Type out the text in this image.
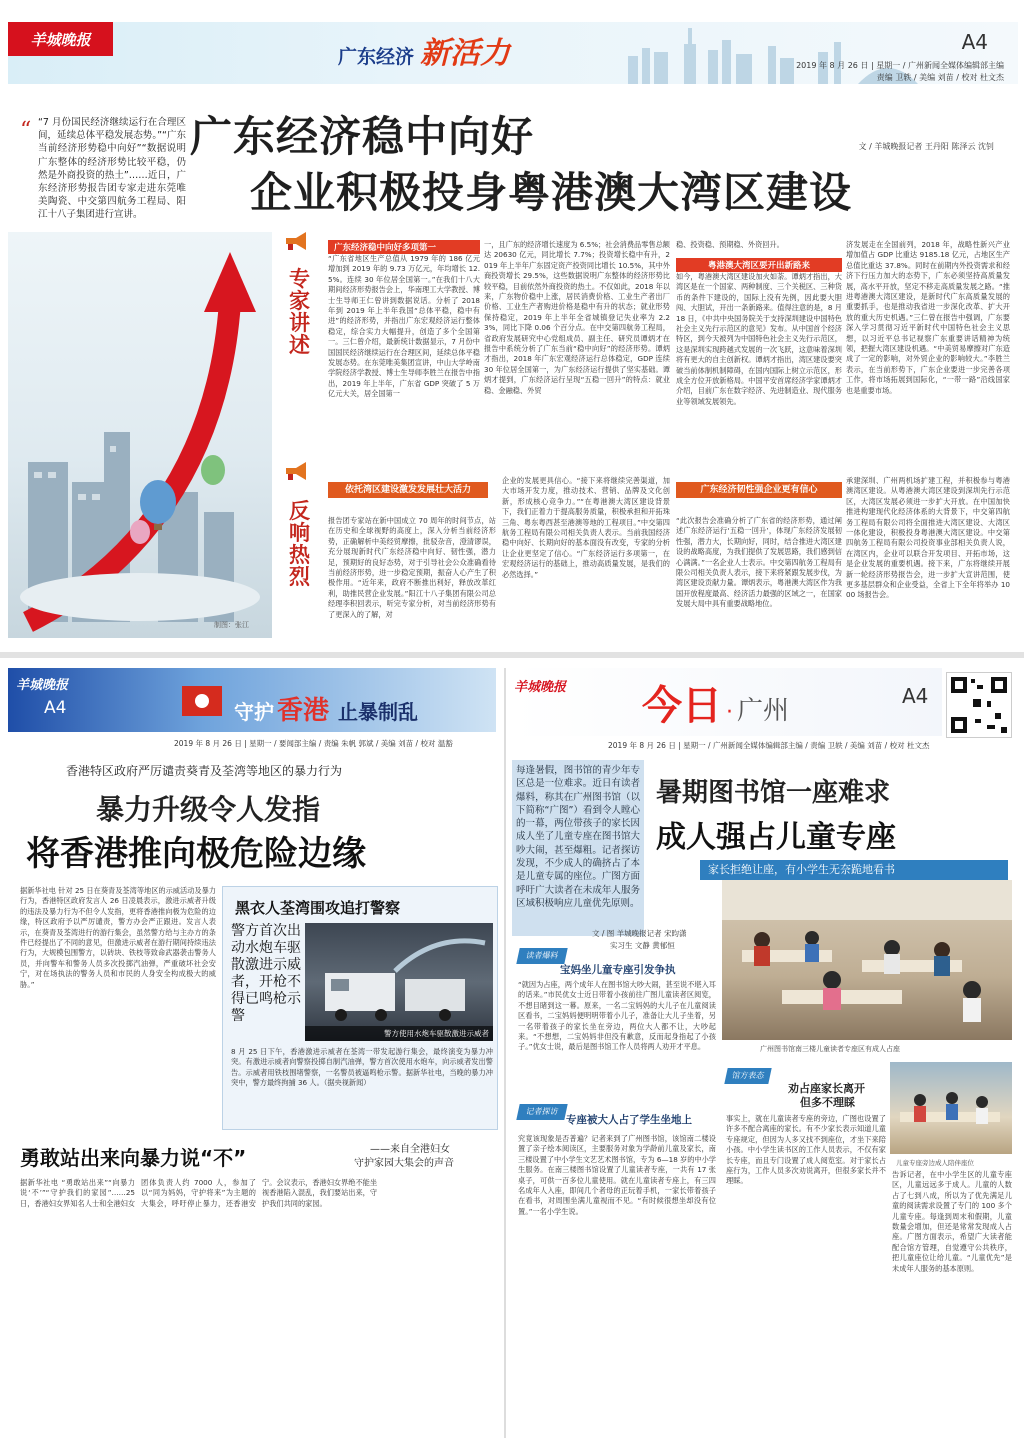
羊城晚报
广东经济 新活力	A4
2019 年 8 月 26 日 | 星期一 / 广州新闻全媒体编辑部主编
责编 卫轶 / 美编 刘苗 / 校对 杜文杰
“ “7 月份国民经济继续运行在合理区间，延续总体平稳发展态势。”“广东当前经济形势稳中向好”“数据说明广东整体的经济形势比较平稳，仍然是外商投资的热土”……近日，广东经济形势报告团专家走进东莞唯美陶瓷、中交第四航务工程局、阳江十八子集团进行宣讲。
广东经济稳中向好
企业积极投身粤港澳大湾区建设
文 / 羊城晚报记者 王丹阳 陈泽云 沈钊
制图：张江
专家讲述
反响热烈
广东经济稳中向好多项第一
“广东省地区生产总值从 1979 年的 186 亿元增加到 2019 年的 9.73 万亿元，年均增长 12.5%。连续 30 年位居全国第一。”在我们十八大期间经济形势报告会上，华南理工大学教授、博士生导师王仁曾讲到数据说话。分析了 2018 年到 2019 年上半年我国“总体平稳，稳中有进”的经济形势，并指出广东宏观经济运行整体稳定，综合实力大幅提升，创造了多个全国第一。三仁曾介绍，最新统计数据显示，7 月份中国国民经济继续运行在合理区间，延续总体平稳发展态势。在东莞唯美集团宣讲，中山大学岭南学院经济学教授、博士生导师李胜兰在报告中指出，2019 年上半年，广东省 GDP 突破了 5 万亿元大关，居全国第一
一，且广东的经济增长速度为 6.5%；社会消费品零售总额达 20630 亿元，同比增长 7.7%；投资增长稳中有升，2019 年上半年广东固定资产投资同比增长 10.5%，其中外商投资增长 29.5%，这些数据说明广东整体的经济形势比较平稳，目前依然外商投资的热土。不仅如此，2018 年以来，广东物价稳中上涨，居民消费价格、工业生产者出厂价格、工业生产者购进价格是稳中有升的状态；就业形势保持稳定，2019 年上半年全省城镇登记失业率为 2.23%，同比下降 0.06 个百分点。在中交第四航务工程局，省政府发展研究中心党组成员、副主任、研究员谭炳才在报告中系统分析了广东当前“稳中向好”的经济形势。谭炳才指出，2018 年广东宏观经济运行总体稳定，GDP 连续 30 年位居全国第一，为广东经济运行提供了坚实基础。谭炳才提到，广东经济运行呈现“五稳一回升”的特点：就业稳、金融稳、外贸
稳、投资稳、预期稳、外资回升。
粤港澳大湾区要开出新路来
如今，粤港澳大湾区建设加火如荼。谭炳才指出，大湾区是在一个国家、两种制度、三个关税区、三种货币的条件下建设的，国际上没有先例，因此要大胆闯、大胆试，开出一条新路来。值得注意的是，8 月 18 日，《中共中央国务院关于支持深圳建设中国特色社会主义先行示范区的意见》发布。从中国首个经济特区，到今天被列为中国特色社会主义先行示范区，这是深圳实现跨越式发展的一次飞跃，这意味着深圳将有更大的自主创新权。谭炳才指出，湾区建设要突破当前体制机制障碍，在国内国际上树立示范区，形成全方位开放新格局。中国平安首席经济学家谭炳才介绍，目前广东在数字经济、先进制造业、现代服务业等领域发展领先。
济发展走在全国前列，2018 年，战略性新兴产业增加值占 GDP 比重达 9185.18 亿元，占地区生产总值比重达 37.8%。同时在前期内外投资需求和经济下行压力加大的态势下，广东必须坚持高质量发展，高水平开放，坚定不移走高质量发展之路。“推进粤港澳大湾区建设，是新时代广东高质量发展的重要抓手，也是推动我省进一步深化改革、扩大开放的重大历史机遇。”三仁曾在报告中强调，广东要深入学习贯彻习近平新时代中国特色社会主义思想，以习近平总书记视察广东重要讲话精神为统领，把握大湾区建设机遇。“中美贸易摩擦对广东造成了一定的影响，对外贸企业的影响较大。”李胜兰表示，在当前形势下，广东企业要进一步完善各项工作，将市场拓展到国际化，“一带一路”沿线国家也是重要市场。
依托湾区建设激发发展壮大活力
报告团专家站在新中国成立 70 周年的时间节点，站在历史和全球视野的高度上，深入分析当前经济形势，正确解析中美经贸摩擦，批驳杂音，澄清谬误，充分展现新时代广东经济稳中向好、韧性强，潜力足，预期好的良好态势，对于引导社会公众准确看待当前经济形势，进一步稳定预期，振奋人心产生了积极作用。“近年来，政府不断推出利好，释放改革红利，助推民营企业发展。”阳江十八子集团有限公司总经理李积回表示，听完专家分析，对当前经济形势有了更深入的了解，对
企业的发展更具信心。“接下来将继续完善渠道，加大市场开发力度，推动技术、营销、品牌及文化创新，形成核心竞争力。”“在粤港澳大湾区建设背景下，我们正着力于提高服务质量，积极承担和开拓珠三角、粤东粤西甚至港澳等地的工程项目。”中交第四航务工程局有限公司相关负责人表示。当前我国经济稳中向好、长期向好的基本面没有改变，专家的分析让企业更坚定了信心。“广东经济运行多项第一，在宏观经济运行的基础上，推动高质量发展，是我们的必然选择。”
广东经济韧性强企业更有信心
“此次报告会准确分析了广东省的经济形势，通过阐述广东经济运行‘五稳一回升’，体现广东经济发展韧性强，潜力大，长期向好，同时，结合推进大湾区建设的战略高度，为我们提供了发展思路，我们感到信心满满。”一名企业人士表示。中交第四航务工程局有限公司相关负责人表示，接下来将紧跟发展步伐，为湾区建设贡献力量。谭炳表示，粤港澳大湾区作为我国开放程度最高、经济活力最强的区域之一，在国家发展大局中具有重要战略地位。
承建深圳、广州两机场扩建工程，并积极参与粤港澳湾区建设。从粤港澳大湾区建设到深圳先行示范区，大湾区发展必须进一步扩大开放。在中国加快推进构建现代化经济体系的大背景下，中交第四航务工程局有限公司将全面推进大湾区建设、大湾区一体化建设，积极投身粤港澳大湾区建设。中交第四航务工程局有限公司投资事业部相关负责人说，在湾区内，企业可以联合开发项目、开拓市场，这是企业发展的重要机遇。接下来，广东将继续开展新一轮经济形势报告会，进一步扩大宣讲范围，使更多基层群众和企业受益，全省上下全年将举办 1000 场报告会。
羊城晚报
A4	守护 香港 止暴制乱
2019 年 8 月 26 日 | 星期一 / 要闻部主编 / 责编 朱帆 郭斌 / 美编 刘苗 / 校对 温豁
香港特区政府严厉谴责葵青及荃湾等地区的暴力行为
暴力升级令人发指
将香港推向极危险边缘
据新华社电 针对 25 日在葵青及荃湾等地区的示威活动及暴力行为，香港特区政府发言人 26 日凌晨表示，激进示威者升级的违法及暴力行为不但令人发指，更将香港推向极为危险的边缘，特区政府予以严厉谴责，警方办会严正跟进。发言人表示，在葵青及荃湾进行的游行集会，虽然警方给与主办方的条件已经提出了不同的意见，但激进示威者在游行期间持续违法行为，大规模包围警方，以砖块、铁枝等致命武器袭击警务人员，并向警车和警务人员多次投掷汽油弹，严重破坏社会安宁，对在场执法的警务人员和市民的人身安全构成极大的威胁。”
黑衣人荃湾围攻追打警察
警方首次出动水炮车驱散激进示威者，开枪不得已鸣枪示警
警方使用水炮车驱散激进示威者
8 月 25 日下午，香港激进示威者在荃湾一带发起游行集会，最终演变为暴力冲突。有激进示威者向警察投掷自制汽油弹，警方首次使用水炮车，向示威者发出警告。示威者用铁枝围堵警察，一名警员被逼鸣枪示警。据新华社电，当晚的暴力冲突中，警方最终拘捕 36 人。（据央视新闻）
勇敢站出来向暴力说“不”	——来自全港妇女
守护家园大集会的声音
据新华社电 “勇敢站出来”“向暴力说‘不’”“守护我们的家园”……25 日，香港妇女界知名人士和全港妇女团体负责人约 7000 人，参加了以“同为妈妈，守护将来”为主题的大集会，呼吁停止暴力，还香港安宁。会议表示，香港妇女界绝不能坐视香港陷入混乱，我们要站出来，守护我们共同的家园。
羊城晚报 今日 · 广州	A4
2019 年 8 月 26 日 | 星期一 / 广州新闻全媒体编辑部主编 / 责编 卫轶 / 美编 刘苗 / 校对 杜文杰
每逢暑假，图书馆的青少年专区总是一位难求。近日有读者爆料，称其在广州图书馆（以下简称“广图”）看到令人瞠心的一幕，两位带孩子的家长因成人坐了儿童专座在图书馆大吵大闹，甚至爆粗。记者探访发现，不少成人的确挤占了本是儿童专属的座位。广图方面呼吁广大读者在未成年人服务区域积极响应儿童优先原则。
暑期图书馆一座难求
成人强占儿童专座
家长拒绝让座，有小学生无奈跪地看书
文 / 图 羊城晚报记者 宋昀潇
实习生 文静 黄郁恒
读者爆料
宝妈坐儿童专座引发争执
“就因为占座，两个成年人在图书馆大吵大闹，甚至说不堪入耳的话来。”市民优女士近日带着小孩前往广图儿童读者区阅览，不想目睹到这一幕。原来，一名二宝妈妈的大儿子在儿童阅读区看书，二宝妈妈便明明带着小儿子，准备让大儿子坐着，另一名带着孩子的家长坐在旁边，两位大人都不让，大吵起来。“不想想，二宝妈妈非但没有歉意，反而起身指起了小孩子。”优女士说，最后是图书馆工作人员将两人劝开才平息。	广州图书馆南三楼儿童读者专座区有成人占座
记者探访
专座被大人占了学生坐地上
究竟该现象是否普遍？记者来到了广州图书馆，该馆南二楼设置了亲子绘本阅读区，主要服务对象为学龄前儿童及家长，南三楼设置了中小学生文艺艺术图书馆，专为 6—18 岁的中小学生服务。在南三楼图书馆设置了儿童读者专座，一共有 17 张桌子，可供一百多位儿童使用。就在儿童读者专座上，有三四名成年人入座，即间几个者母的正玩着手机，一家长带着孩子在看书，对周围坐满儿童视而不见。“有时候很想坐却没有位置。”一名小学生说。
馆方表态
劝占座家长离开
但多不理睬
儿童专座旁边成人陪伴座位
事实上，就在儿童读者专座的旁边，广图也设置了许多不配合离座的家长。有不少家长表示知道儿童专座规定，但因为人多又找不到座位，才坐下来陪小孩。中小学生读书区的工作人员表示，不仅有家长专座，而且专门设置了成人阅览室。对于家长占座行为，工作人员多次劝说离开，但很多家长并不理睬。
告诉记者，在中小学生区的儿童专座区，儿童远远多于成人。儿童的人数占了七到八成，所以为了优先满足儿童的阅读需求设置了专门的 100 多个儿童专座。每逢到周末和假期，儿童数量会增加，但还是常常发现成人占座。广图方面表示，希望广大读者能配合馆方管理，自觉遵守公共秩序，把儿童座位让给儿童。“儿童优先”是未成年人服务的基本原则。
